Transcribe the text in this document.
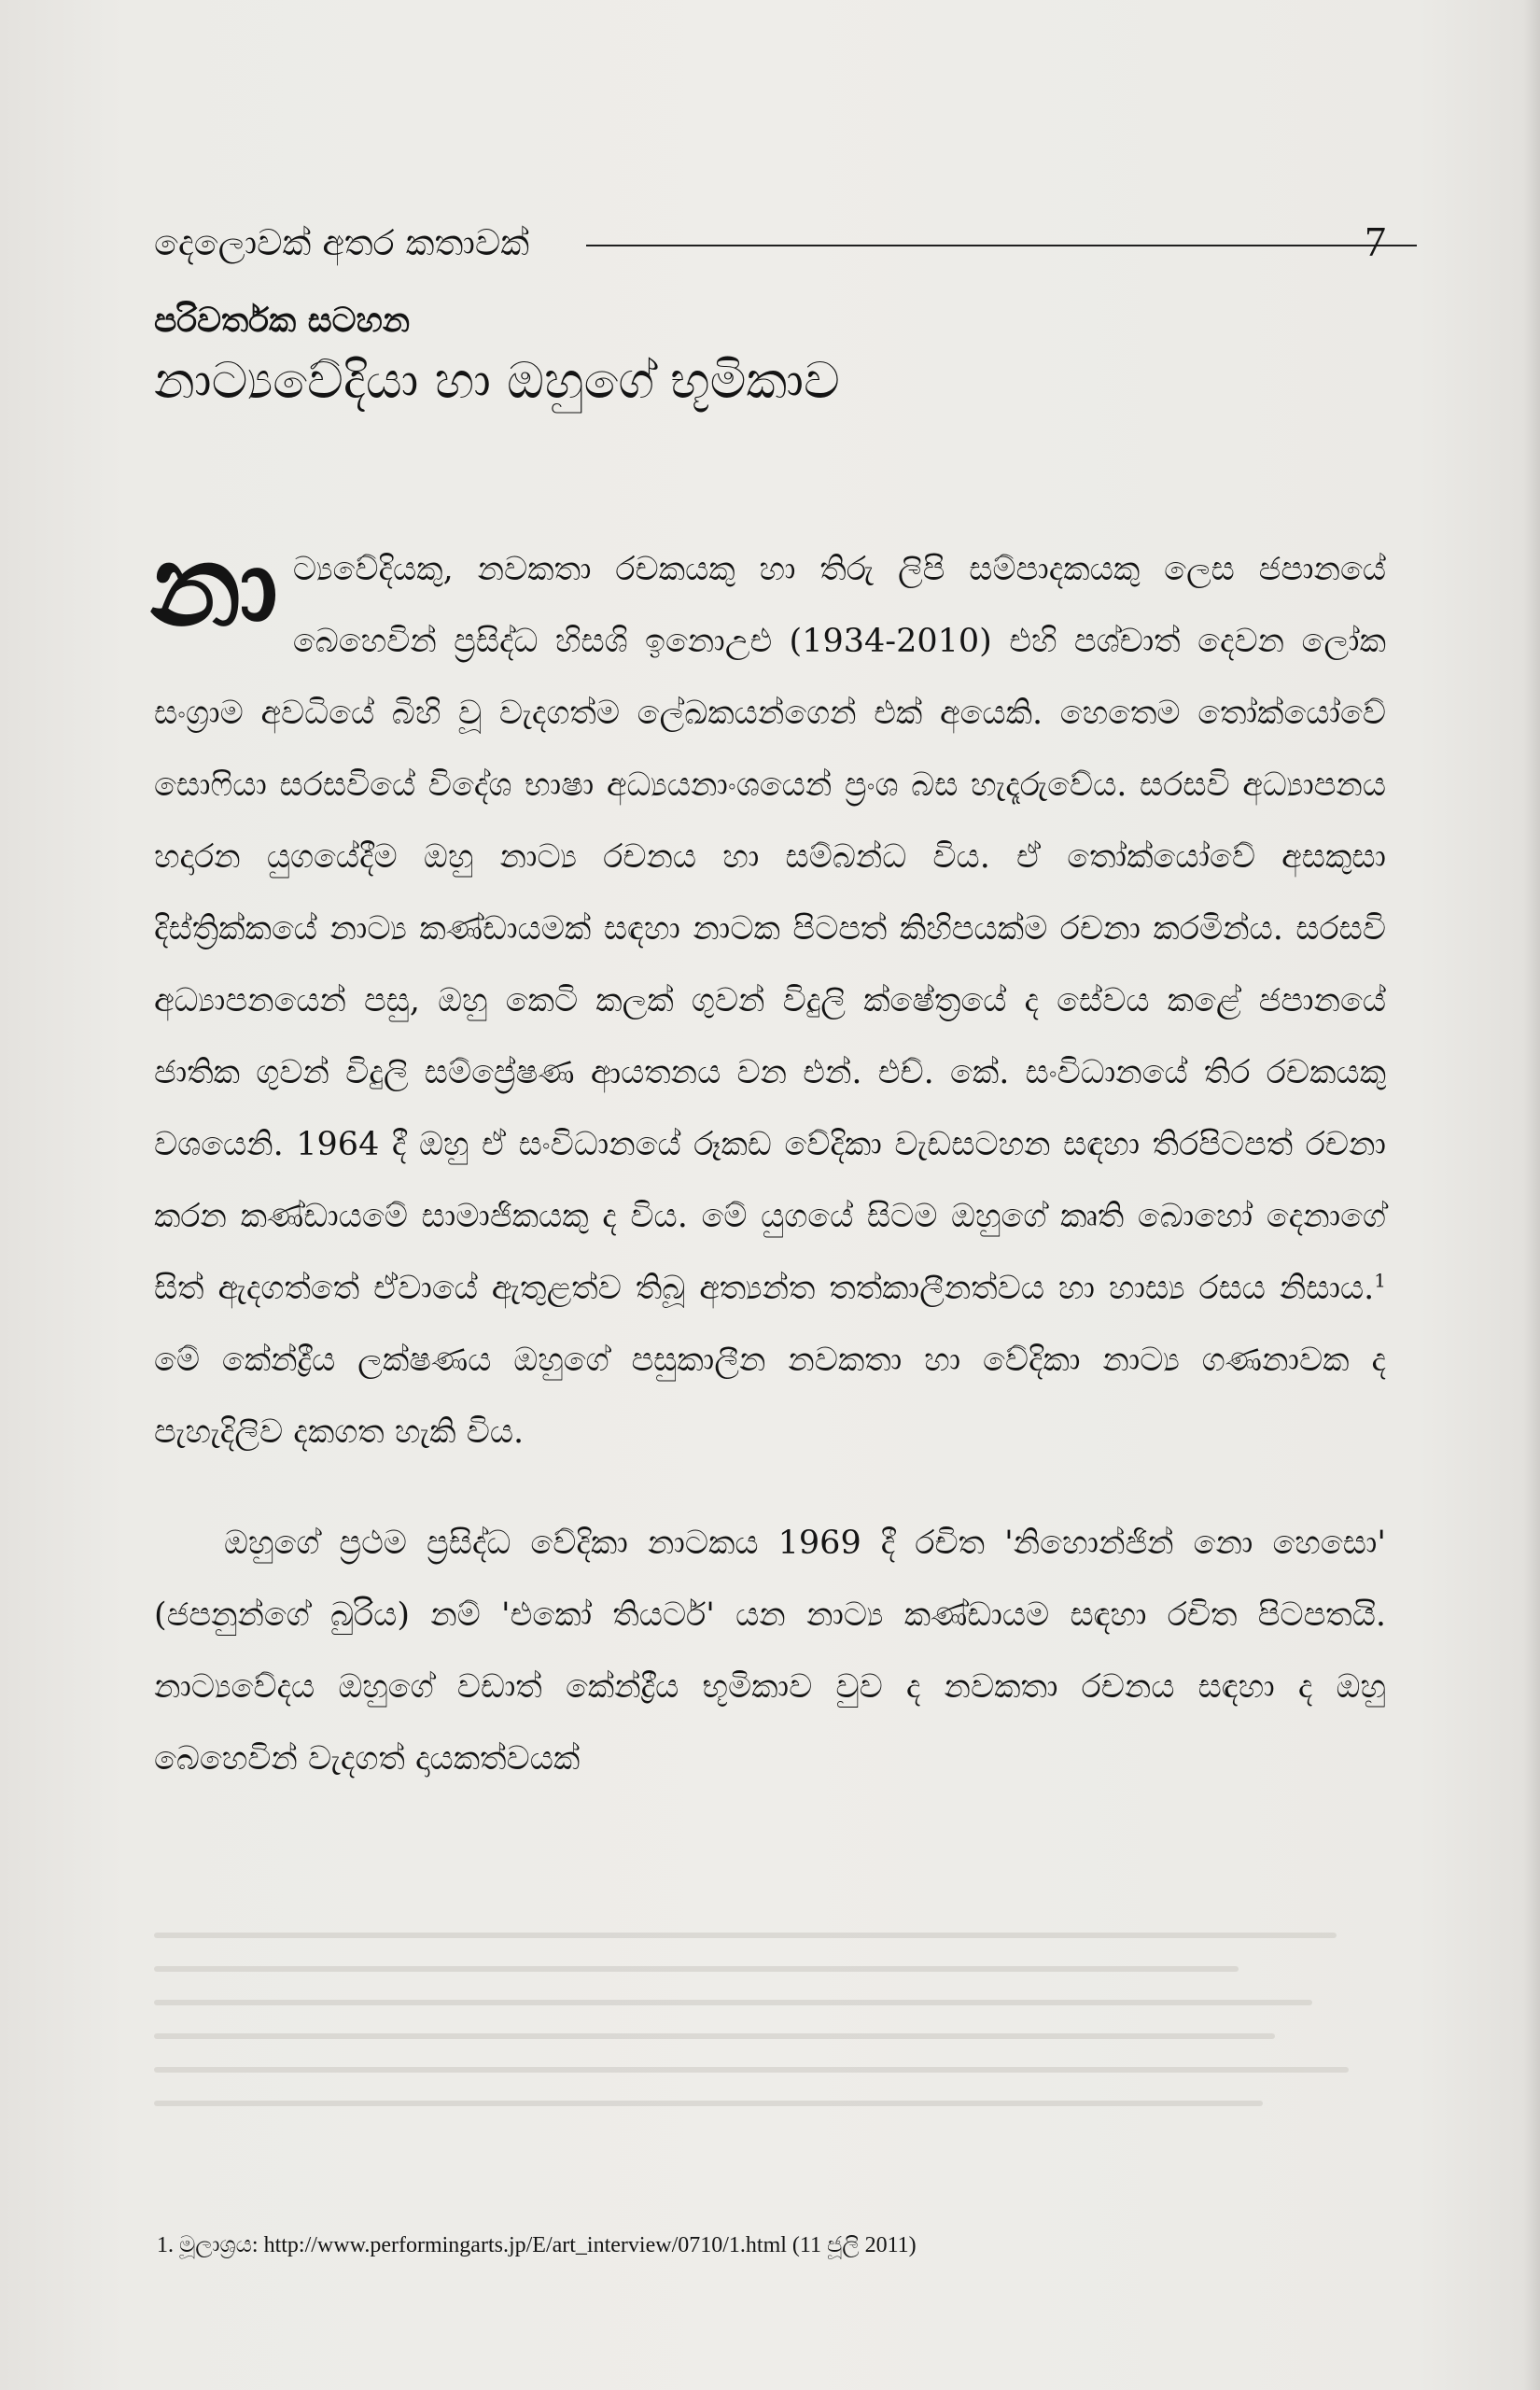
දෙලොවක් අතර කතාවක්	7
පරිවර්තක සටහන
නාට්‍යවේදියා හා ඔහුගේ භූමිකාව

නාට්‍යවේදියකු, නවකතා රචකයකු හා තිරු ලිපි සම්පාදකයකු ලෙස ජපානයේ බෙහෙවින් ප්‍රසිද්ධ හිසශි ඉනොඋඑ (1934-2010) එහි පශ්චාත් දෙවන ලෝක සංග්‍රාම අවධියේ බිහි වූ වැදගත්ම ලේඛකයන්ගෙන් එක් අයෙකි. හෙතෙම තෝක්යෝවේ සොෆියා සරසවියේ විදේශ භාෂා අධ්‍යයනාංශයෙන් ප්‍රංශ බස හැදෑරුවේය. සරසවි අධ්‍යාපනය හදාරන යුගයේදීම ඔහු නාට්‍ය රචනය හා සම්බන්ධ විය. ඒ තෝක්යෝවේ අසකුසා දිස්ත්‍රික්කයේ නාට්‍ය කණ්ඩායමක් සඳහා නාටක පිටපත් කිහිපයක්ම රචනා කරමින්ය. සරසවි අධ්‍යාපනයෙන් පසු, ඔහු කෙටි කලක් ගුවන් විදුලි ක්ෂේත්‍රයේ ද සේවය කළේ ජපානයේ ජාතික ගුවන් විදුලි සම්ප්‍රේෂණ ආයතනය වන එන්. එච්. කේ. සංවිධානයේ තිර රචකයකු වශයෙනි. 1964 දී ඔහු ඒ සංවිධානයේ රූකඩ වේදිකා වැඩසටහන සඳහා තිරපිටපත් රචනා කරන කණ්ඩායමේ සාමාජිකයකු ද විය. මේ යුගයේ සිටම ඔහුගේ කෘති බොහෝ දෙනාගේ සිත් ඇදගත්තේ ඒවායේ ඇතුළත්ව තිබූ අත්‍යන්ත තත්කාලීනත්වය හා හාස්‍ය රසය නිසාය.$^1$ මේ කේන්ද්‍රීය ලක්ෂණය ඔහුගේ පසුකාලීන නවකතා හා වේදිකා නාට්‍ය ගණනාවක ද පැහැදිලිව දකගත හැකි විය.

ඔහුගේ ප්‍රථම ප්‍රසිද්ධ වේදිකා නාටකය 1969 දී රචිත 'නිහොන්ජින් නො හෙසො' (ජපනුන්ගේ බුරිය) නම් 'එකෝ තියටර්' යන නාට්‍ය කණ්ඩායම සඳහා රචිත පිටපතයි. නාට්‍යවේදය ඔහුගේ වඩාත් කේන්ද්‍රීය භූමිකාව වුව ද නවකතා රචනය සඳහා ද ඔහු බෙහෙවින් වැදගත් දායකත්වයක්

1. මූලාශ්‍රය: http://www.performingarts.jp/E/art_interview/0710/1.html (11 ජූලි 2011)
